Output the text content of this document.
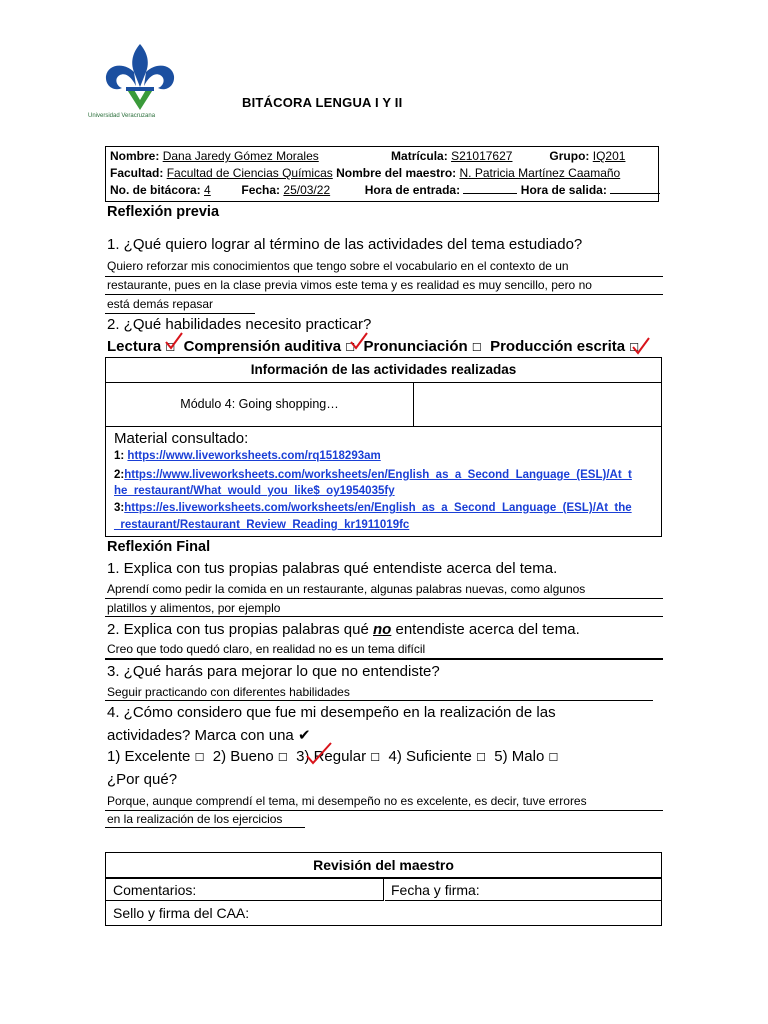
Universidad Veracruzana
BITÁCORA LENGUA I Y II
Nombre: Dana Jaredy Gómez Morales	Matrícula: S21017627	Grupo: IQ201
Facultad: Facultad de Ciencias Químicas Nombre del maestro: N. Patricia Martínez Caamaño
No. de bitácora: 4	Fecha: 25/03/22	Hora de entrada:	Hora de salida:
Reflexión previa
1. ¿Qué quiero lograr al término de las actividades del tema estudiado?
Quiero reforzar mis conocimientos que tengo sobre el vocabulario en el contexto de un
restaurante, pues en la clase previa vimos este tema y es realidad es muy sencillo, pero no
está demás repasar
2. ¿Qué habilidades necesito practicar?
Lectura ☐ Comprensión auditiva ☐ Pronunciación ☐ Producción escrita ☐
Información de las actividades realizadas
Módulo 4: Going shopping…
Material consultado:
1: https://www.liveworksheets.com/rq1518293am
2:https://www.liveworksheets.com/worksheets/en/English_as_a_Second_Language_(ESL)/At_t
he_restaurant/What_would_you_like$_oy1954035fy
3:https://es.liveworksheets.com/worksheets/en/English_as_a_Second_Language_(ESL)/At_the
_restaurant/Restaurant_Review_Reading_kr1911019fc
Reflexión Final
1. Explica con tus propias palabras qué entendiste acerca del tema.
Aprendí como pedir la comida en un restaurante, algunas palabras nuevas, como algunos
platillos y alimentos, por ejemplo
2. Explica con tus propias palabras qué no entendiste acerca del tema.
Creo que todo quedó claro, en realidad no es un tema difícil
3. ¿Qué harás para mejorar lo que no entendiste?
Seguir practicando con diferentes habilidades
4. ¿Cómo considero que fue mi desempeño en la realización de las
actividades? Marca con una ✔
1) Excelente ☐ 2) Bueno ☐ 3) Regular ☐ 4) Suficiente ☐ 5) Malo ☐
¿Por qué?
Porque, aunque comprendí el tema, mi desempeño no es excelente, es decir, tuve errores
en la realización de los ejercicios
Revisión del maestro
Comentarios:	Fecha y firma:
Sello y firma del CAA:
